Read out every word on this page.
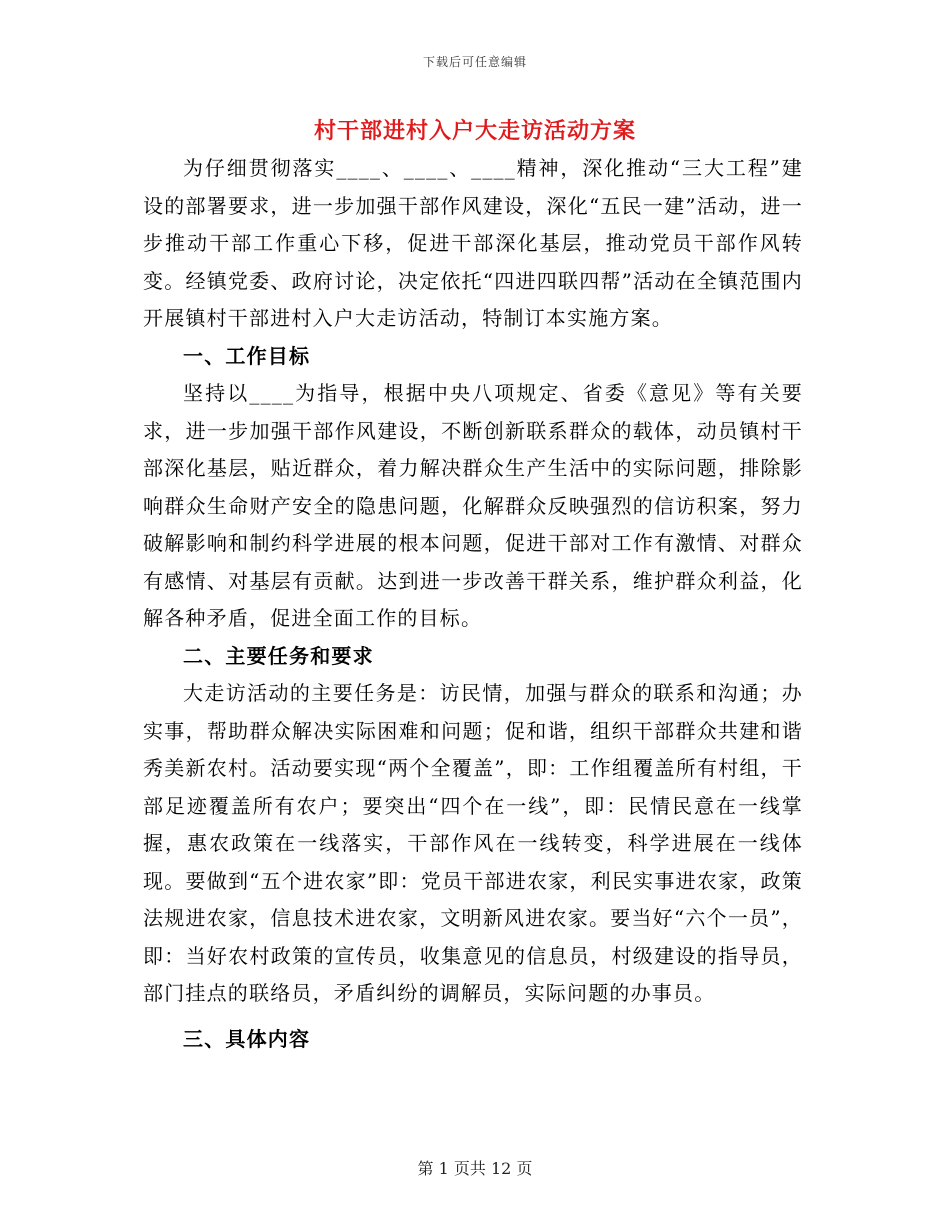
下载后可任意编辑
村干部进村入户大走访活动方案

为仔细贯彻落实____、____、____精神，深化推动“三大工程”建设的部署要求，进一步加强干部作风建设，深化“五民一建”活动，进一步推动干部工作重心下移，促进干部深化基层，推动党员干部作风转变。经镇党委、政府讨论，决定依托“四进四联四帮”活动在全镇范围内开展镇村干部进村入户大走访活动，特制订本实施方案。

一、工作目标

坚持以____为指导，根据中央八项规定、省委《意见》等有关要求，进一步加强干部作风建设，不断创新联系群众的载体，动员镇村干部深化基层，贴近群众，着力解决群众生产生活中的实际问题，排除影响群众生命财产安全的隐患问题，化解群众反映强烈的信访积案，努力破解影响和制约科学进展的根本问题，促进干部对工作有激情、对群众有感情、对基层有贡献。达到进一步改善干群关系，维护群众利益，化解各种矛盾，促进全面工作的目标。

二、主要任务和要求

大走访活动的主要任务是：访民情，加强与群众的联系和沟通；办实事，帮助群众解决实际困难和问题；促和谐，组织干部群众共建和谐秀美新农村。活动要实现“两个全覆盖”，即：工作组覆盖所有村组，干部足迹覆盖所有农户；要突出“四个在一线”，即：民情民意在一线掌握，惠农政策在一线落实，干部作风在一线转变，科学进展在一线体现。要做到“五个进农家”即：党员干部进农家，利民实事进农家，政策法规进农家，信息技术进农家，文明新风进农家。要当好“六个一员”，即：当好农村政策的宣传员，收集意见的信息员，村级建设的指导员，部门挂点的联络员，矛盾纠纷的调解员，实际问题的办事员。

三、具体内容

第 1 页共 12 页
